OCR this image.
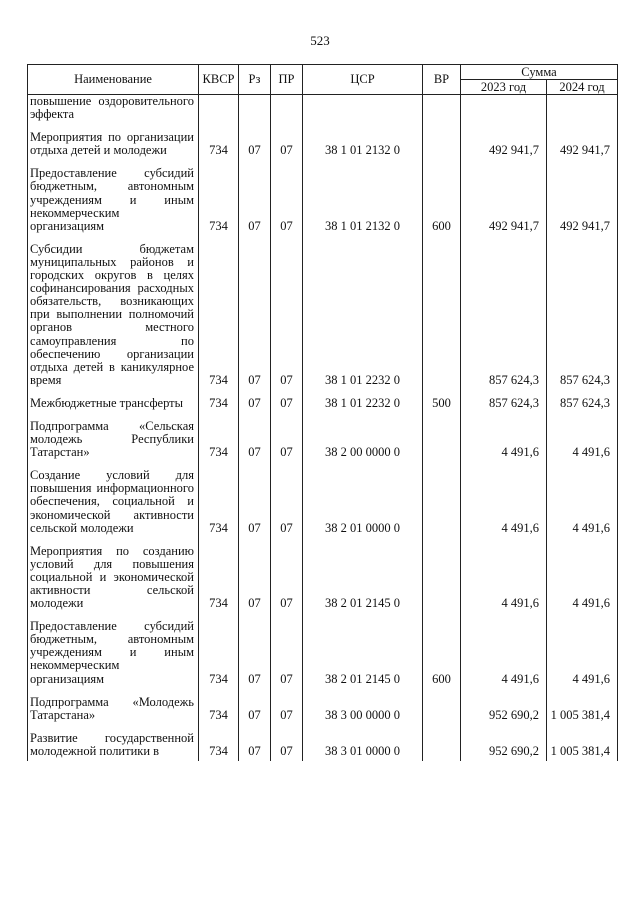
523
Наименование	КВСР	Рз	ПР	ЦСР	ВР	Сумма	
						2023 год	2024 год
повышение оздоровительного эффекта							

Мероприятия по организации отдыха детей и молодежи	734	07	07	38 1 01 2132 0		492 941,7	492 941,7

Предоставление субсидий бюджетным, автономным учреждениям и иным некоммерческим организациям	734	07	07	38 1 01 2132 0	600	492 941,7	492 941,7

Субсидии бюджетам муниципальных районов и городских округов в целях софинансирования расходных обязательств, возникающих при выполнении полномочий органов местного самоуправления по обеспечению организации отдыха детей в каникулярное время	734	07	07	38 1 01 2232 0		857 624,3	857 624,3

Межбюджетные трансферты	734	07	07	38 1 01 2232 0	500	857 624,3	857 624,3

Подпрограмма «Сельская молодежь Республики Татарстан»	734	07	07	38 2 00 0000 0		4 491,6	4 491,6

Создание условий для повышения информационного обеспечения, социальной и экономической активности сельской молодежи	734	07	07	38 2 01 0000 0		4 491,6	4 491,6

Мероприятия по созданию условий для повышения социальной и экономической активности сельской молодежи	734	07	07	38 2 01 2145 0		4 491,6	4 491,6

Предоставление субсидий бюджетным, автономным учреждениям и иным некоммерческим организациям	734	07	07	38 2 01 2145 0	600	4 491,6	4 491,6

Подпрограмма «Молодежь Татарстана»	734	07	07	38 3 00 0000 0		952 690,2	1 005 381,4

Развитие государственной молодежной политики в	734	07	07	38 3 01 0000 0		952 690,2	1 005 381,4
